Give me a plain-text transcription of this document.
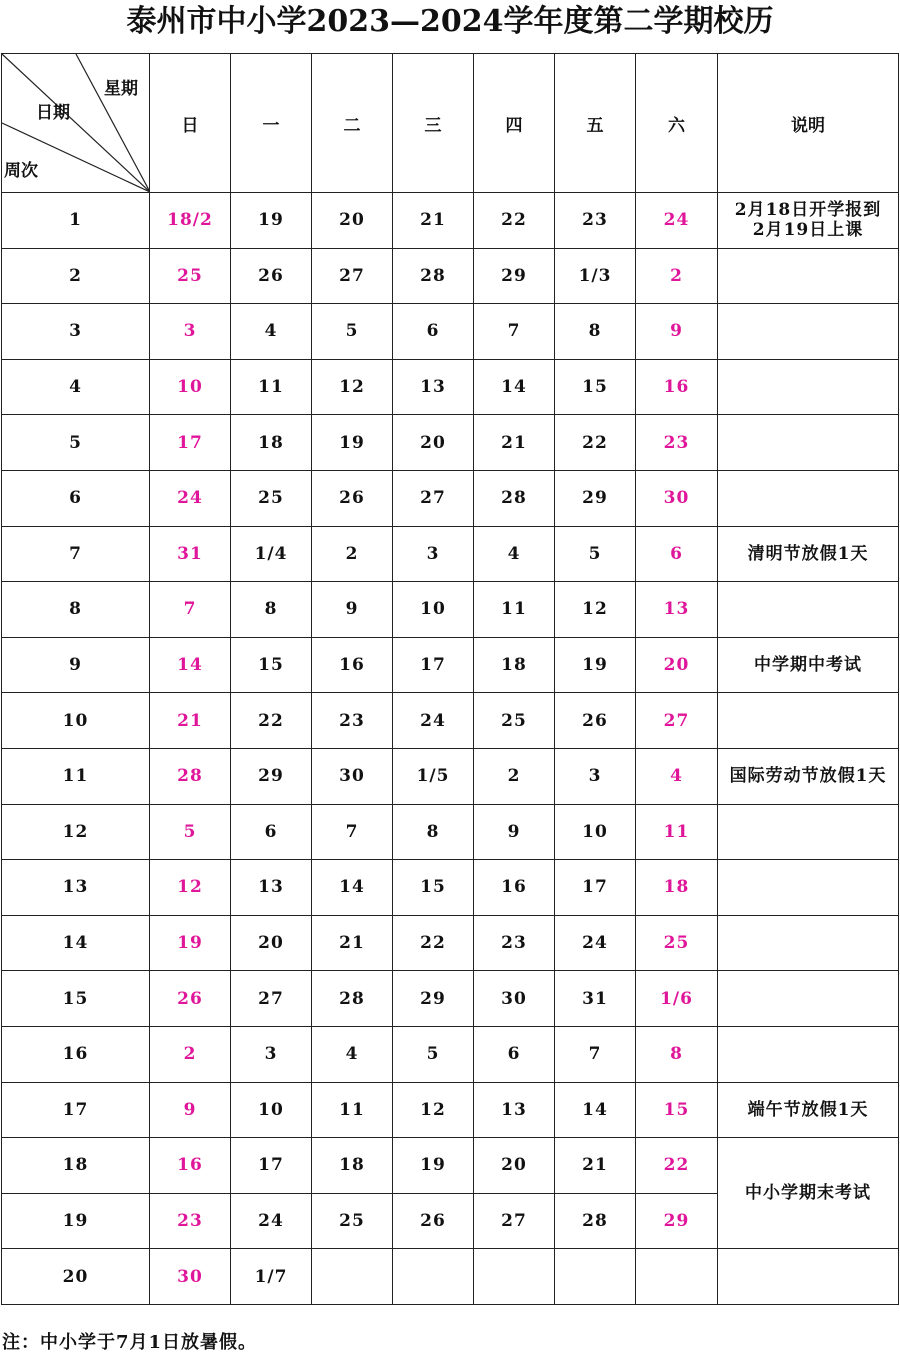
泰州市中小学2023—2024学年度第二学期校历
星期
日期
周次	日	一	二	三	四	五	六	说明
1	18/2	19	20	21	22	23	24	2月18日开学报到
2月19日上课
2	25	26	27	28	29	1/3	2	
3	3	4	5	6	7	8	9	
4	10	11	12	13	14	15	16	
5	17	18	19	20	21	22	23	
6	24	25	26	27	28	29	30	
7	31	1/4	2	3	4	5	6	清明节放假1天
8	7	8	9	10	11	12	13	
9	14	15	16	17	18	19	20	中学期中考试
10	21	22	23	24	25	26	27	
11	28	29	30	1/5	2	3	4	国际劳动节放假1天
12	5	6	7	8	9	10	11	
13	12	13	14	15	16	17	18	
14	19	20	21	22	23	24	25	
15	26	27	28	29	30	31	1/6	
16	2	3	4	5	6	7	8	
17	9	10	11	12	13	14	15	端午节放假1天
18	16	17	18	19	20	21	22	中小学期末考试
19	23	24	25	26	27	28	29	
20	30	1/7						
注：中小学于7月1日放暑假。
